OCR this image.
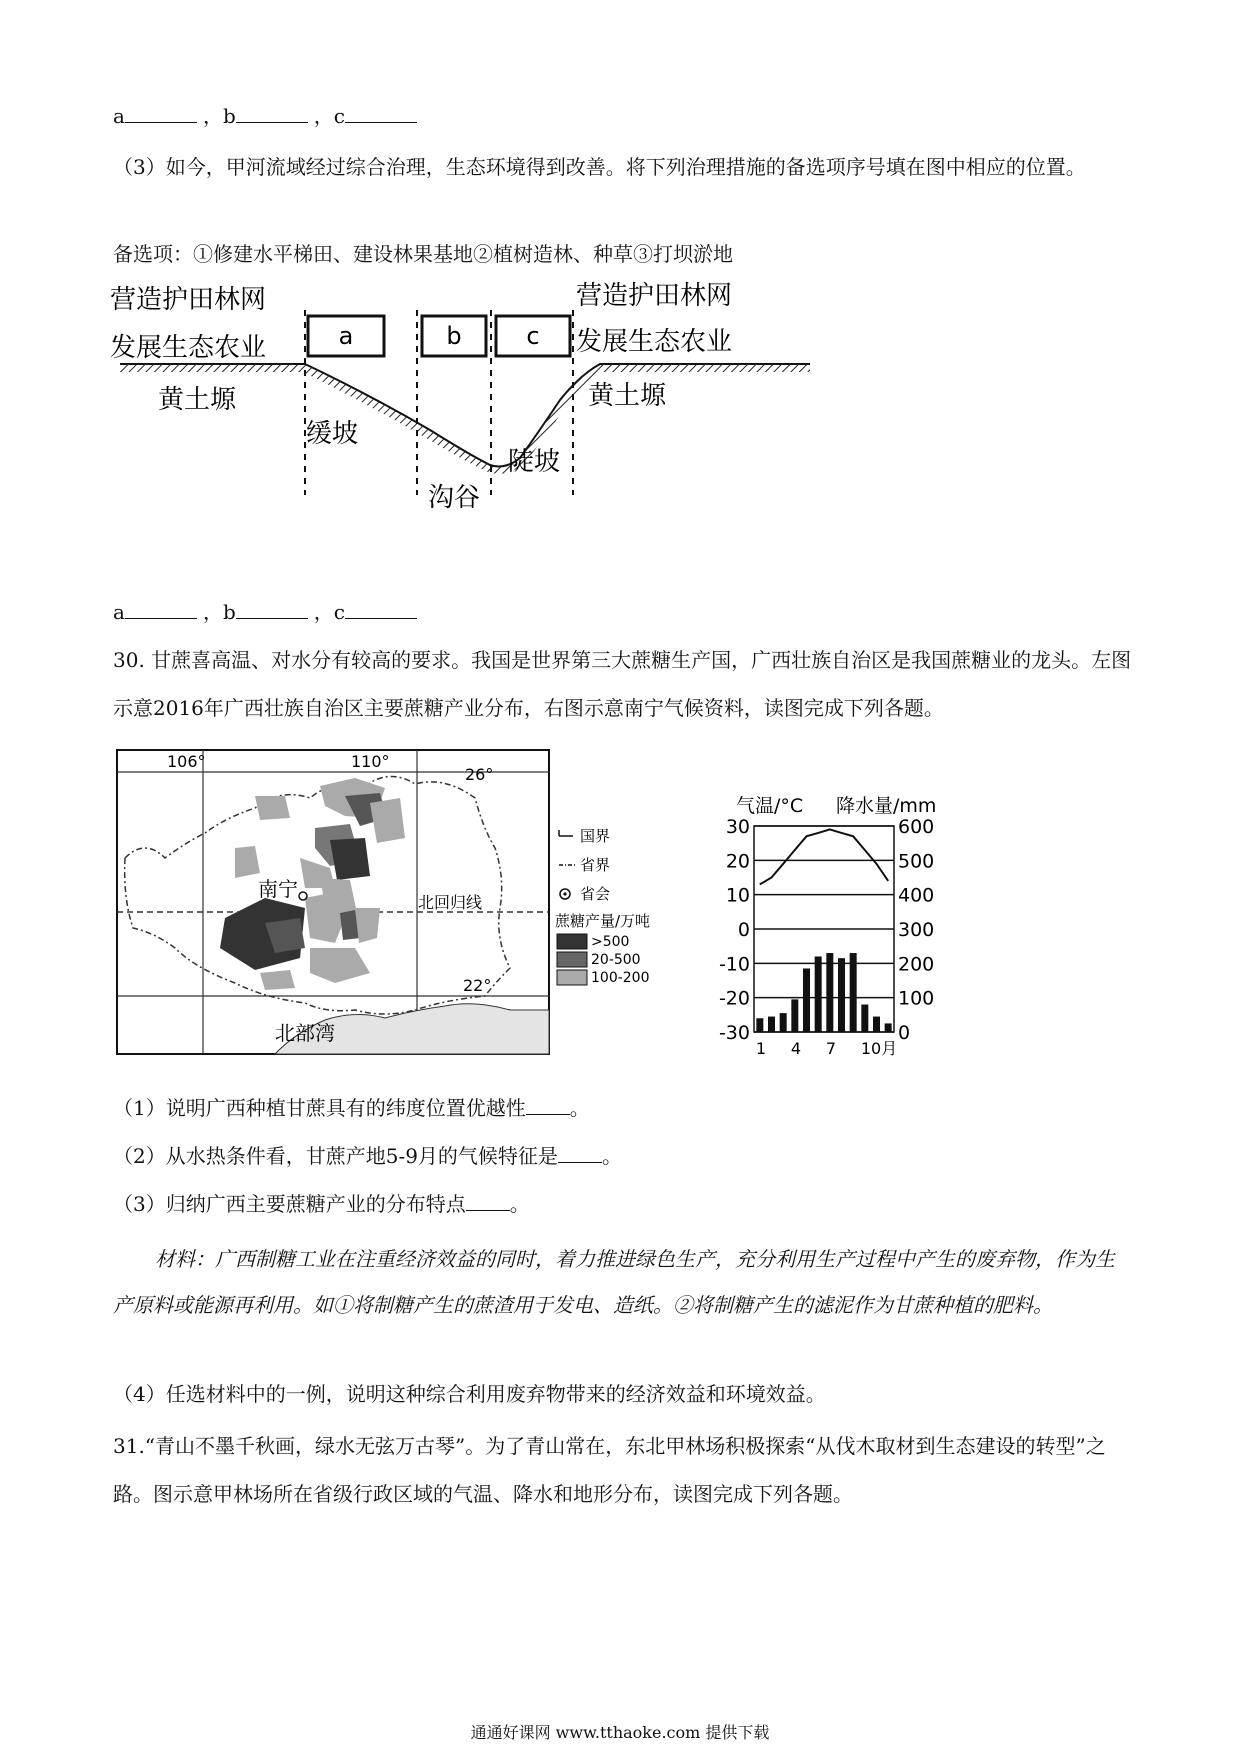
a	，b	，c
（3）如今，甲河流域经过综合治理，生态环境得到改善。将下列治理措施的备选项序号填在图中相应的位置。
备选项：①修建水平梯田、建设林果基地②植树造林、种草③打坝淤地
a	b	c
营造护田林网
发展生态农业
营造护田林网
发展生态农业
黄土塬	黄土塬
缓坡
陡坡
沟谷
a	，b	，c
30. 甘蔗喜高温、对水分有较高的要求。我国是世界第三大蔗糖生产国，广西壮族自治区是我国蔗糖业的龙头。左图示意2016年广西壮族自治区主要蔗糖产业分布，右图示意南宁气候资料，读图完成下列各题。
106°	110°
26°
22°
北回归线
南宁
北部湾
国界
省界
省会
蔗糖产量/万吨
>500
20-500
100-200
气温/°C 降水量/mm
30
20
10
0
-10
-20
-30
600
500
400
300
200
100
0
1 4 7 10月
（1）说明广西种植甘蔗具有的纬度位置优越性 。
（2）从水热条件看，甘蔗产地5-9月的气候特征是 。
（3）归纳广西主要蔗糖产业的分布特点 。
材料：广西制糖工业在注重经济效益的同时，着力推进绿色生产，充分利用生产过程中产生的废弃物，作为生产原料或能源再利用。如①将制糖产生的蔗渣用于发电、造纸。②将制糖产生的滤泥作为甘蔗种植的肥料。
（4）任选材料中的一例，说明这种综合利用废弃物带来的经济效益和环境效益。
31.“青山不墨千秋画，绿水无弦万古琴”。为了青山常在，东北甲林场积极探索“从伐木取材到生态建设的转型”之路。图示意甲林场所在省级行政区域的气温、降水和地形分布，读图完成下列各题。
通通好课网 www.tthaoke.com 提供下载
